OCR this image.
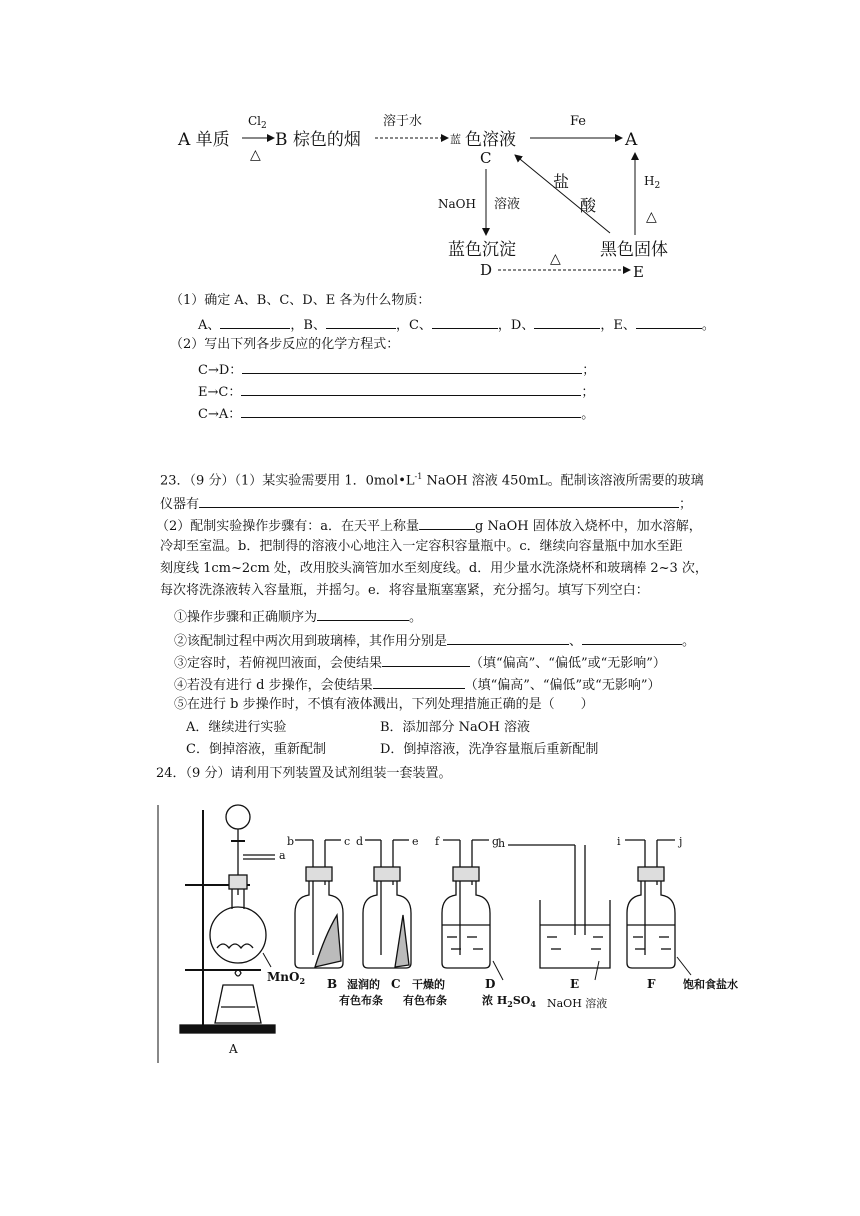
A 单质
$Cl_2$
△
B 棕色的烟
溶于水
蓝 色溶液
C
Fe
A
NaOH 溶液
盐
酸
$H_2$
△
蓝色沉淀	黑色固体
D
△
E
（1）确定 A、B、C、D、E 各为什么物质：
A、	，B、	，C、	，D、	，E、	。
（2）写出下列各步反应的化学方程式：
C→D：	；
E→C：	；
C→A：	。
23．（9 分）（1）某实验需要用 1．$0mol•L^{-1}$ NaOH 溶液 450mL。配制该溶液所需要的玻璃
仪器有	；
（2）配制实验操作步骤有：a．在天平上称量	g NaOH 固体放入烧杯中，加水溶解，
冷却至室温。b．把制得的溶液小心地注入一定容积容量瓶中。c．继续向容量瓶中加水至距
刻度线 1cm~2cm 处，改用胶头滴管加水至刻度线。d．用少量水洗涤烧杯和玻璃棒 2~3 次，
每次将洗涤液转入容量瓶，并摇匀。e．将容量瓶塞塞紧，充分摇匀。填写下列空白：
①操作步骤和正确顺序为	。
②该配制过程中两次用到玻璃棒，其作用分别是	、	。
③定容时，若俯视凹液面，会使结果	（填“偏高”、“偏低”或“无影响”）
④若没有进行 d 步操作，会使结果	（填“偏高”、“偏低”或“无影响”）
⑤在进行 b 步操作时，不慎有液体溅出，下列处理措施正确的是（　　）
A．继续进行实验	B．添加部分 NaOH 溶液
C．倒掉溶液，重新配制	D．倒掉溶液，洗净容量瓶后重新配制
24．（9 分）请利用下列装置及试剂组装一套装置。
a
MnO$_2$
A
b	c d	e f	g
h	i	j
B 湿润的
有色布条
C 干燥的
有色布条
D
浓 $H_2SO_4$
E
NaOH 溶液
F 饱和食盐水
